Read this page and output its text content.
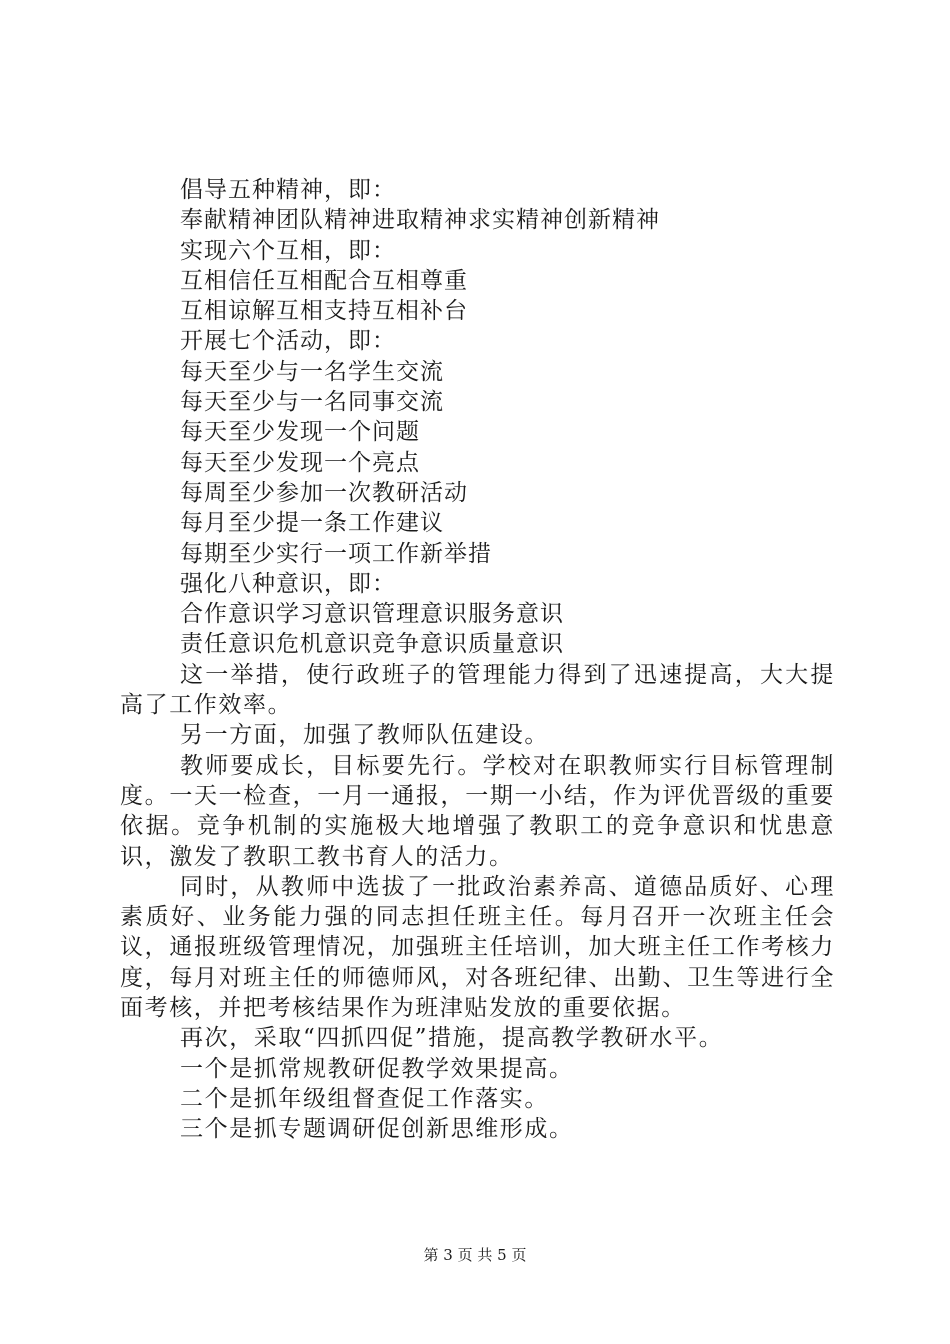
倡导五种精神，即：
奉献精神团队精神进取精神求实精神创新精神
实现六个互相，即：
互相信任互相配合互相尊重
互相谅解互相支持互相补台
开展七个活动，即：
每天至少与一名学生交流
每天至少与一名同事交流
每天至少发现一个问题
每天至少发现一个亮点
每周至少参加一次教研活动
每月至少提一条工作建议
每期至少实行一项工作新举措
强化八种意识，即：
合作意识学习意识管理意识服务意识
责任意识危机意识竞争意识质量意识
这一举措，使行政班子的管理能力得到了迅速提高，大大提高了工作效率。
另一方面，加强了教师队伍建设。
教师要成长，目标要先行。学校对在职教师实行目标管理制度。一天一检查，一月一通报，一期一小结，作为评优晋级的重要依据。竞争机制的实施极大地增强了教职工的竞争意识和忧患意识，激发了教职工教书育人的活力。
同时，从教师中选拔了一批政治素养高、道德品质好、心理素质好、业务能力强的同志担任班主任。每月召开一次班主任会议，通报班级管理情况，加强班主任培训，加大班主任工作考核力度，每月对班主任的师德师风，对各班纪律、出勤、卫生等进行全面考核，并把考核结果作为班津贴发放的重要依据。
再次，采取“四抓四促”措施，提高教学教研水平。
一个是抓常规教研促教学效果提高。
二个是抓年级组督查促工作落实。
三个是抓专题调研促创新思维形成。
第 3 页 共 5 页
